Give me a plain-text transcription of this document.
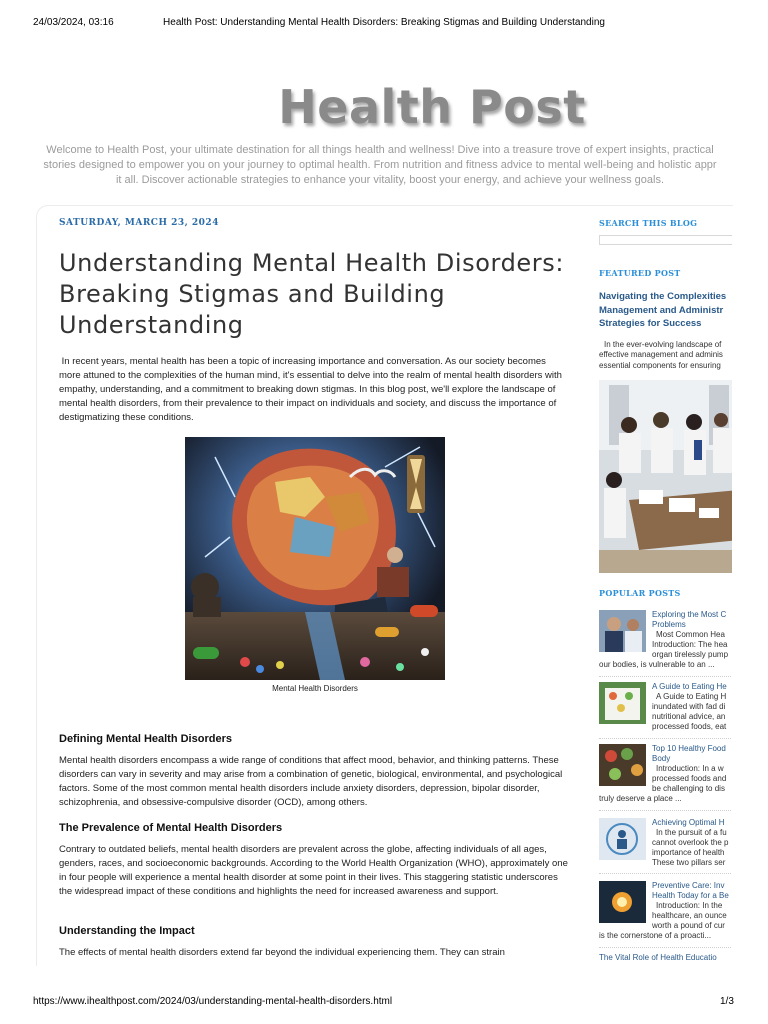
24/03/2024, 03:16	Health Post: Understanding Mental Health Disorders: Breaking Stigmas and Building Understanding
Health Post
Welcome to Health Post, your ultimate destination for all things health and wellness! Dive into a treasure trove of expert insights, practical
stories designed to empower you on your journey to optimal health. From nutrition and fitness advice to mental well-being and holistic appr
it all. Discover actionable strategies to enhance your vitality, boost your energy, and achieve your wellness goals.
SATURDAY, MARCH 23, 2024
Understanding Mental Health Disorders: Breaking Stigmas and Building Understanding

In recent years, mental health has been a topic of increasing importance and conversation. As our society becomes more attuned to the complexities of the human mind, it's essential to delve into the realm of mental health disorders with empathy, understanding, and a commitment to breaking down stigmas. In this blog post, we'll explore the landscape of mental health disorders, from their prevalence to their impact on individuals and society, and discuss the importance of destigmatizing these conditions.

Mental Health Disorders
Defining Mental Health Disorders

Mental health disorders encompass a wide range of conditions that affect mood, behavior, and thinking patterns. These disorders can vary in severity and may arise from a combination of genetic, biological, environmental, and psychological factors. Some of the most common mental health disorders include anxiety disorders, depression, bipolar disorder, schizophrenia, and obsessive-compulsive disorder (OCD), among others.

The Prevalence of Mental Health Disorders

Contrary to outdated beliefs, mental health disorders are prevalent across the globe, affecting individuals of all ages, genders, races, and socioeconomic backgrounds. According to the World Health Organization (WHO), approximately one in four people will experience a mental health disorder at some point in their lives. This staggering statistic underscores the widespread impact of these conditions and highlights the need for increased awareness and support.

Understanding the Impact

The effects of mental health disorders extend far beyond the individual experiencing them. They can strain

SEARCH THIS BLOG
FEATURED POST
Navigating the Complexities
Management and Administr
Strategies for Success
In the ever-evolving landscape of
effective management and adminis
essential components for ensuring
POPULAR POSTS
Exploring the Most C
Problems
Most Common Hea
Introduction: The hea
organ tirelessly pump
our bodies, is vulnerable to an ...
A Guide to Eating He
A Guide to Eating H
inundated with fad di
nutritional advice, an
processed foods, eat
Top 10 Healthy Food
Body
Introduction: In a w
processed foods and
be challenging to dis
truly deserve a place ...
Achieving Optimal H
In the pursuit of a fu
cannot overlook the p
importance of health
These two pillars ser
Preventive Care: Inv
Health Today for a Be
Introduction: In the
healthcare, an ounce
worth a pound of cur
is the cornerstone of a proacti...
The Vital Role of Health Educatio
https://www.ihealthpost.com/2024/03/understanding-mental-health-disorders.html	1/3
